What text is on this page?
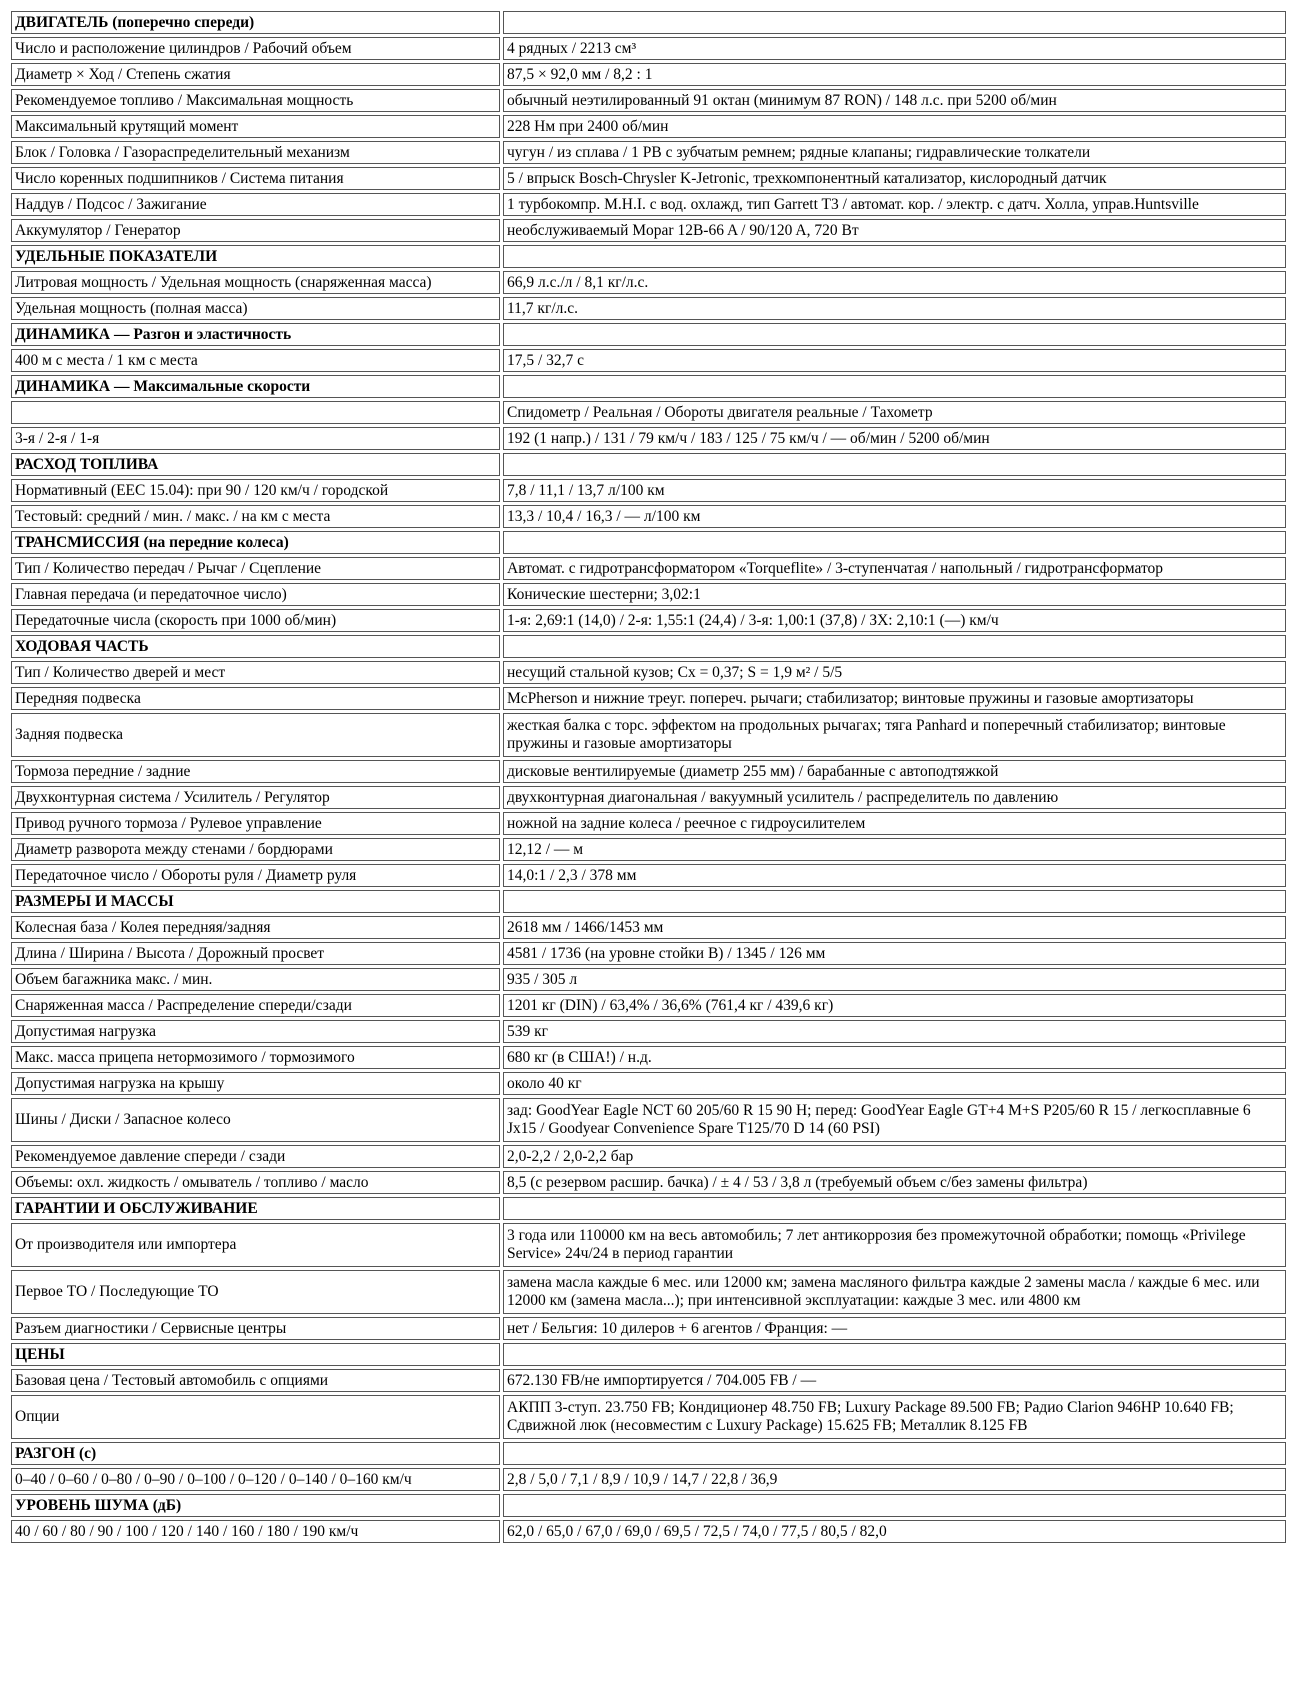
ДВИГАТЕЛЬ (поперечно спереди)	
Число и расположение цилиндров / Рабочий объем	4 рядных / 2213 см³
Диаметр × Ход / Степень сжатия	87,5 × 92,0 мм / 8,2 : 1
Рекомендуемое топливо / Максимальная мощность	обычный неэтилированный 91 октан (минимум 87 RON) / 148 л.с. при 5200 об/мин
Максимальный крутящий момент	228 Нм при 2400 об/мин
Блок / Головка / Газораспределительный механизм	чугун / из сплава / 1 РВ с зубчатым ремнем; рядные клапаны; гидравлические толкатели
Число коренных подшипников / Система питания	5 / впрыск Bosch-Chrysler K-Jetronic, трехкомпонентный катализатор, кислородный датчик
Наддув / Подсос / Зажигание	1 турбокомпр. М.Н.I. с вод. охлажд, тип Garrett T3 / автомат. кор. / электр. с датч. Холла, управ.Huntsville
Аккумулятор / Генератор	необслуживаемый Mopar 12B-66 A / 90/120 A, 720 Вт
УДЕЛЬНЫЕ ПОКАЗАТЕЛИ	
Литровая мощность / Удельная мощность (снаряженная масса)	66,9 л.с./л / 8,1 кг/л.с.
Удельная мощность (полная масса)	11,7 кг/л.с.
ДИНАМИКА — Разгон и эластичность	
400 м с места / 1 км с места	17,5 / 32,7 с
ДИНАМИКА — Максимальные скорости	
	Спидометр / Реальная / Обороты двигателя реальные / Тахометр
3-я / 2-я / 1-я	192 (1 напр.) / 131 / 79 км/ч / 183 / 125 / 75 км/ч / — об/мин / 5200 об/мин
РАСХОД ТОПЛИВА	
Нормативный (EEC 15.04): при 90 / 120 км/ч / городской	7,8 / 11,1 / 13,7 л/100 км
Тестовый: средний / мин. / макс. / на км с места	13,3 / 10,4 / 16,3 / — л/100 км
ТРАНСМИССИЯ (на передние колеса)	
Тип / Количество передач / Рычаг / Сцепление	Автомат. с гидротрансформатором «Torqueflite» / 3-ступенчатая / напольный / гидротрансформатор
Главная передача (и передаточное число)	Конические шестерни; 3,02:1
Передаточные числа (скорость при 1000 об/мин)	1-я: 2,69:1 (14,0) / 2-я: 1,55:1 (24,4) / 3-я: 1,00:1 (37,8) / ЗХ: 2,10:1 (—) км/ч
ХОДОВАЯ ЧАСТЬ	
Тип / Количество дверей и мест	несущий стальной кузов; Cx = 0,37; S = 1,9 м² / 5/5
Передняя подвеска	McPherson и нижние треуг. попереч. рычаги; стабилизатор; винтовые пружины и газовые амортизаторы
Задняя подвеска	жесткая балка с торс. эффектом на продольных рычагах; тяга Panhard и поперечный стабилизатор; винтовые пружины и газовые амортизаторы
Тормоза передние / задние	дисковые вентилируемые (диаметр 255 мм) / барабанные с автоподтяжкой
Двухконтурная система / Усилитель / Регулятор	двухконтурная диагональная / вакуумный усилитель / распределитель по давлению
Привод ручного тормоза / Рулевое управление	ножной на задние колеса / реечное с гидроусилителем
Диаметр разворота между стенами / бордюрами	12,12 / — м
Передаточное число / Обороты руля / Диаметр руля	14,0:1 / 2,3 / 378 мм
РАЗМЕРЫ И МАССЫ	
Колесная база / Колея передняя/задняя	2618 мм / 1466/1453 мм
Длина / Ширина / Высота / Дорожный просвет	4581 / 1736 (на уровне стойки В) / 1345 / 126 мм
Объем багажника макс. / мин.	935 / 305 л
Снаряженная масса / Распределение спереди/сзади	1201 кг (DIN) / 63,4% / 36,6% (761,4 кг / 439,6 кг)
Допустимая нагрузка	539 кг
Макс. масса прицепа нетормозимого / тормозимого	680 кг (в США!) / н.д.
Допустимая нагрузка на крышу	около 40 кг
Шины / Диски / Запасное колесо	зад: GoodYear Eagle NCT 60 205/60 R 15 90 H; перед: GoodYear Eagle GT+4 M+S P205/60 R 15 / легкосплавные 6 Jx15 / Goodyear Convenience Spare T125/70 D 14 (60 PSI)
Рекомендуемое давление спереди / сзади	2,0-2,2 / 2,0-2,2 бар
Объемы: охл. жидкость / омыватель / топливо / масло	8,5 (с резервом расшир. бачка) / ± 4 / 53 / 3,8 л (требуемый объем с/без замены фильтра)
ГАРАНТИИ И ОБСЛУЖИВАНИЕ	
От производителя или импортера	3 года или 110000 км на весь автомобиль; 7 лет антикоррозия без промежуточной обработки; помощь «Privilege Service» 24ч/24 в период гарантии
Первое ТО / Последующие ТО	замена масла каждые 6 мес. или 12000 км; замена масляного фильтра каждые 2 замены масла / каждые 6 мес. или 12000 км (замена масла...); при интенсивной эксплуатации: каждые 3 мес. или 4800 км
Разъем диагностики / Сервисные центры	нет / Бельгия: 10 дилеров + 6 агентов / Франция: —
ЦЕНЫ	
Базовая цена / Тестовый автомобиль с опциями	672.130 FB/не импортируется / 704.005 FB / —
Опции	АКПП 3-ступ. 23.750 FB; Кондиционер 48.750 FB; Luxury Package 89.500 FB; Радио Clarion 946HP 10.640 FB; Сдвижной люк (несовместим с Luxury Package) 15.625 FB; Металлик 8.125 FB
РАЗГОН (с)	
0–40 / 0–60 / 0–80 / 0–90 / 0–100 / 0–120 / 0–140 / 0–160 км/ч	2,8 / 5,0 / 7,1 / 8,9 / 10,9 / 14,7 / 22,8 / 36,9
УРОВЕНЬ ШУМА (дБ)	
40 / 60 / 80 / 90 / 100 / 120 / 140 / 160 / 180 / 190 км/ч	62,0 / 65,0 / 67,0 / 69,0 / 69,5 / 72,5 / 74,0 / 77,5 / 80,5 / 82,0
